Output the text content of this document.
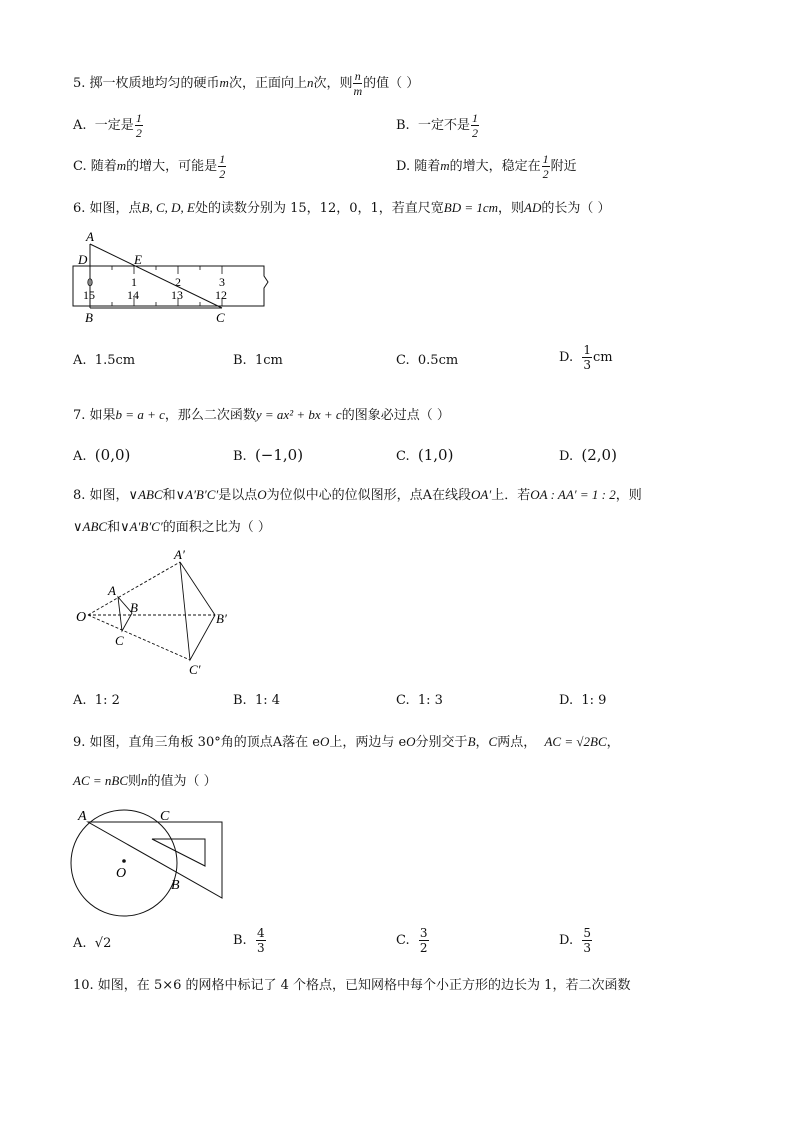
5. 掷一枚质地均匀的硬币m次，正面向上n次，则 $\frac{n}{m}$ 的值（ ）
A. 一定是 $\frac{1}{2}$	B. 一定不是 $\frac{1}{2}$
C. 随着m的增大，可能是 $\frac{1}{2}$	D. 随着m的增大，稳定在 $\frac{1}{2}$ 附近
6. 如图，点B, C, D, E处的读数分别为 15，12，0，1，若直尺宽BD = 1cm，则AD的长为（ ）
A
D	E
B	C
0	1	2	3
15	14	13	12
A. 1.5cm	B. 1cm	C. 0.5cm	D. $\frac{1}{3}$ cm
7. 如果b = a + c，那么二次函数y = ax² + bx + c的图象必过点（ ）
A. (0,0)	B. (−1,0)	C. (1,0)	D. (2,0)
8. 如图，∨ABC和∨A′B′C′是以点O为位似中心的位似图形，点A在线段OA′上．若OA : AA′ = 1 : 2，则
∨ABC和∨A′B′C′的面积之比为（ ）
O
A
B
C
A′
B′
C′
A. 1: 2	B. 1: 4	C. 1: 3	D. 1: 9
9. 如图，直角三角板 30°角的顶点A落在 eO上，两边与 eO分别交于B，C两点， AC = √2BC，
AC = nBC则n的值为（ ）
A	C
B
O
A. √2	B. $\frac{4}{3}$	C. $\frac{3}{2}$	D. $\frac{5}{3}$
10. 如图，在 5×6 的网格中标记了 4 个格点，已知网格中每个小正方形的边长为 1，若二次函数
